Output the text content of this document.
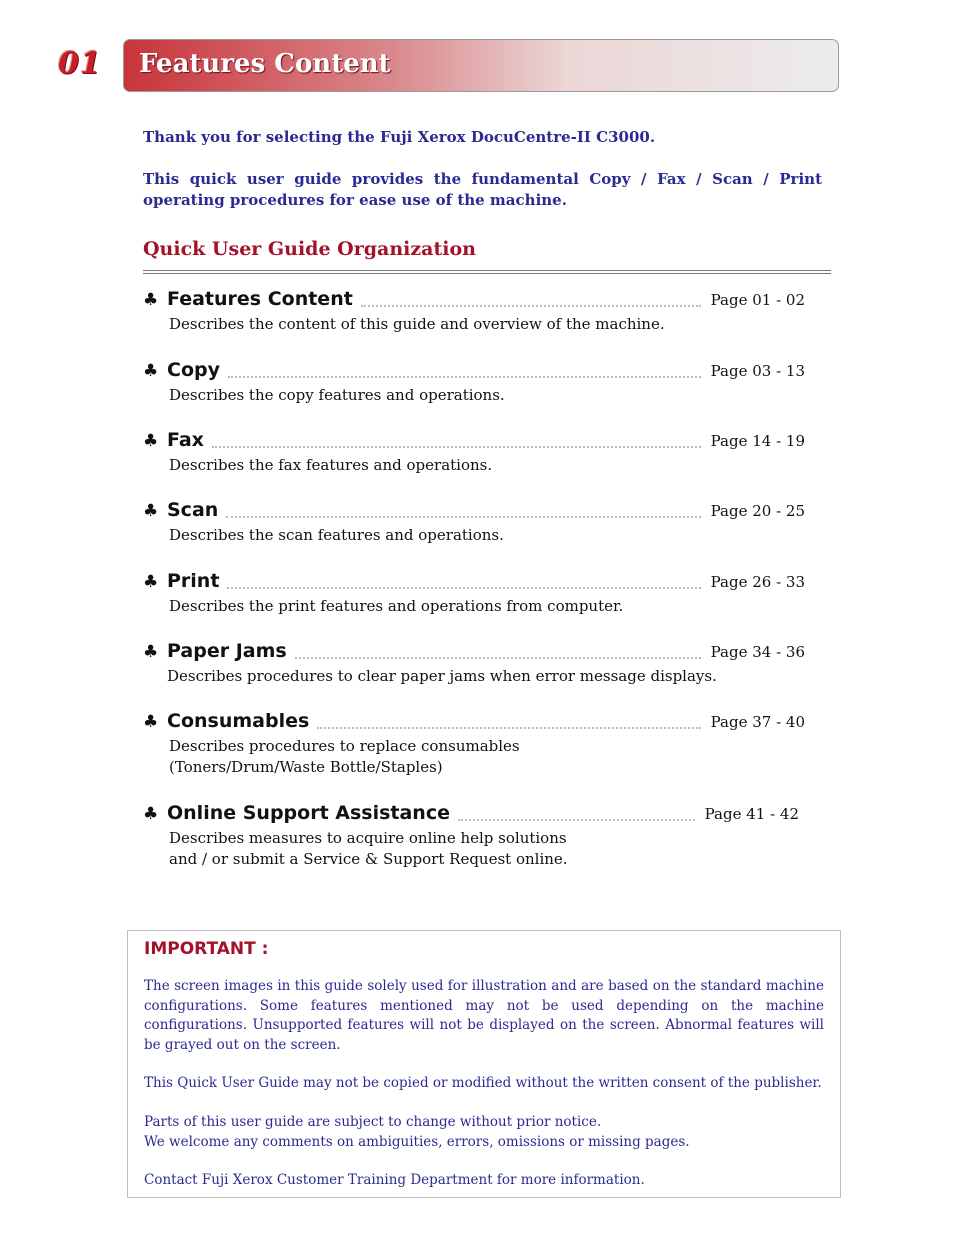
01 Features Content
Thank you for selecting the Fuji Xerox DocuCentre-II C3000.
This quick user guide provides the fundamental Copy / Fax / Scan / Print operating procedures for ease use of the machine.
Quick User Guide Organization
♣ Features Content	Page 01 - 02
Describes the content of this guide and overview of the machine.
♣ Copy	Page 03 - 13
Describes the copy features and operations.
♣ Fax	Page 14 - 19
Describes the fax features and operations.
♣ Scan	Page 20 - 25
Describes the scan features and operations.
♣ Print	Page 26 - 33
Describes the print features and operations from computer.
♣ Paper Jams	Page 34 - 36
Describes procedures to clear paper jams when error message displays.
♣ Consumables	Page 37 - 40
Describes procedures to replace consumables
(Toners/Drum/Waste Bottle/Staples)
♣ Online Support Assistance	Page 41 - 42
Describes measures to acquire online help solutions
and / or submit a Service & Support Request online.
IMPORTANT :
The screen images in this guide solely used for illustration and are based on the standard machine configurations. Some features mentioned may not be used depending on the machine configurations. Unsupported features will not be displayed on the screen. Abnormal features will be grayed out on the screen.
This Quick User Guide may not be copied or modified without the written consent of the publisher.
Parts of this user guide are subject to change without prior notice.
We welcome any comments on ambiguities, errors, omissions or missing pages.
Contact Fuji Xerox Customer Training Department for more information.
